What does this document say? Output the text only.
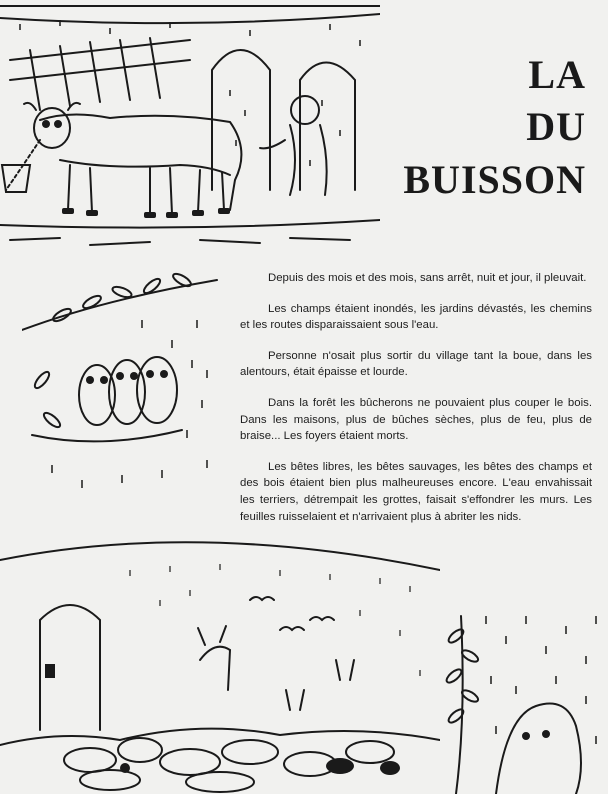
LA
DU
BUISSON

Depuis des mois et des mois, sans arrêt, nuit et jour, il pleuvait.

Les champs étaient inondés, les jardins dévastés, les chemins et les routes disparaissaient sous l'eau.

Personne n'osait plus sortir du village tant la boue, dans les alentours, était épaisse et lourde.

Dans la forêt les bûcherons ne pouvaient plus couper le bois. Dans les maisons, plus de bûches sèches, plus de feu, plus de braise... Les foyers étaient morts.

Les bêtes libres, les bêtes sauvages, les bêtes des champs et des bois étaient bien plus malheureuses encore. L'eau envahissait les terriers, détrempait les grottes, faisait s'effondrer les murs. Les feuilles ruisselaient et n'arrivaient plus à abriter les nids.
